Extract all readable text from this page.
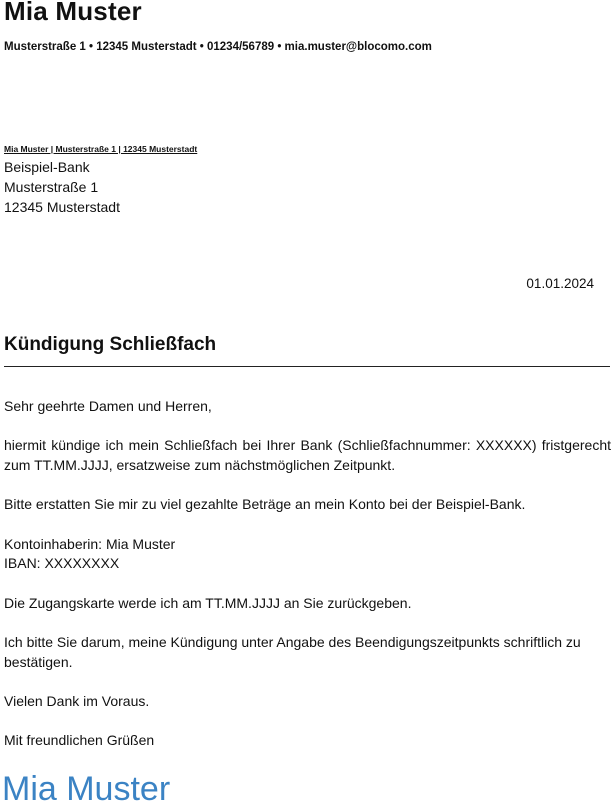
Mia Muster
Musterstraße 1 • 12345 Musterstadt • 01234/56789 • mia.muster@blocomo.com
Mia Muster | Musterstraße 1 | 12345 Musterstadt
Beispiel-Bank
Musterstraße 1
12345 Musterstadt
01.01.2024
Kündigung Schließfach

Sehr geehrte Damen und Herren,

hiermit kündige ich mein Schließfach bei Ihrer Bank (Schließfachnummer: XXXXXX) fristgerecht zum TT.MM.JJJJ, ersatzweise zum nächstmöglichen Zeitpunkt.

Bitte erstatten Sie mir zu viel gezahlte Beträge an mein Konto bei der Beispiel-Bank.

Kontoinhaberin: Mia Muster

IBAN: XXXXXXXX

Die Zugangskarte werde ich am TT.MM.JJJJ an Sie zurückgeben.

Ich bitte Sie darum, meine Kündigung unter Angabe des Beendigungszeitpunkts schriftlich zu bestätigen.

Vielen Dank im Voraus.

Mit freundlichen Grüßen

Mia Muster
